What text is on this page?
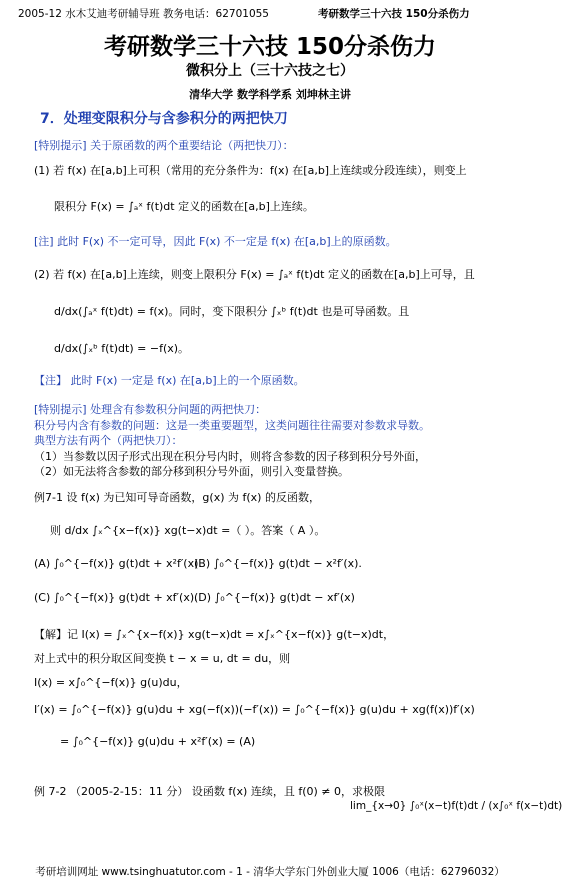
2005-12 水木艾迪考研辅导班 教务电话：62701055	考研数学三十六技 150分杀伤力
考研数学三十六技 150分杀伤力
微积分上（三十六技之七）
清华大学 数学科学系 刘坤林主讲
7．处理变限积分与含参积分的两把快刀
[特别提示] 关于原函数的两个重要结论（两把快刀）：
(1) 若 f(x) 在[a,b]上可积（常用的充分条件为：f(x) 在[a,b]上连续或分段连续），则变上
限积分 F(x) = ∫ₐˣ f(t)dt 定义的函数在[a,b]上连续。
[注] 此时 F(x) 不一定可导，因此 F(x) 不一定是 f(x) 在[a,b]上的原函数。
(2) 若 f(x) 在[a,b]上连续，则变上限积分 F(x) = ∫ₐˣ f(t)dt 定义的函数在[a,b]上可导，且
d/dx(∫ₐˣ f(t)dt) = f(x)。同时，变下限积分 ∫ₓᵇ f(t)dt 也是可导函数。且
d/dx(∫ₓᵇ f(t)dt) = −f(x)。
【注】 此时 F(x) 一定是 f(x) 在[a,b]上的一个原函数。
[特别提示] 处理含有参数积分问题的两把快刀：
积分号内含有参数的问题：这是一类重要题型，这类问题往往需要对参数求导数。
典型方法有两个（两把快刀）：
（1）当参数以因子形式出现在积分号内时，则将含参数的因子移到积分号外面，
（2）如无法将含参数的部分移到积分号外面，则引入变量替换。
例7-1 设 f(x) 为已知可导奇函数，g(x) 为 f(x) 的反函数，
则 d/dx ∫ₓ^{x−f(x)} xg(t−x)dt =（ ）。答案（ A ）。
(A) ∫₀^{−f(x)} g(t)dt + x²f′(x).
(B) ∫₀^{−f(x)} g(t)dt − x²f′(x).
(C) ∫₀^{−f(x)} g(t)dt + xf′(x).
(D) ∫₀^{−f(x)} g(t)dt − xf′(x)
【解】记 I(x) = ∫ₓ^{x−f(x)} xg(t−x)dt = x∫ₓ^{x−f(x)} g(t−x)dt，
对上式中的积分取区间变换 t − x = u, dt = du，则
I(x) = x∫₀^{−f(x)} g(u)du，
I′(x) = ∫₀^{−f(x)} g(u)du + xg(−f(x))(−f′(x)) = ∫₀^{−f(x)} g(u)du + xg(f(x))f′(x)
= ∫₀^{−f(x)} g(u)du + x²f′(x) = (A)
例 7-2 （2005-2-15：11 分） 设函数 f(x) 连续，且 f(0) ≠ 0，求极限
lim_{x→0} ∫₀ˣ(x−t)f(t)dt / (x∫₀ˣ f(x−t)dt)
考研培训网址 www.tsinghuatutor.com - 1 - 清华大学东门外创业大厦 1006（电话：62796032）
